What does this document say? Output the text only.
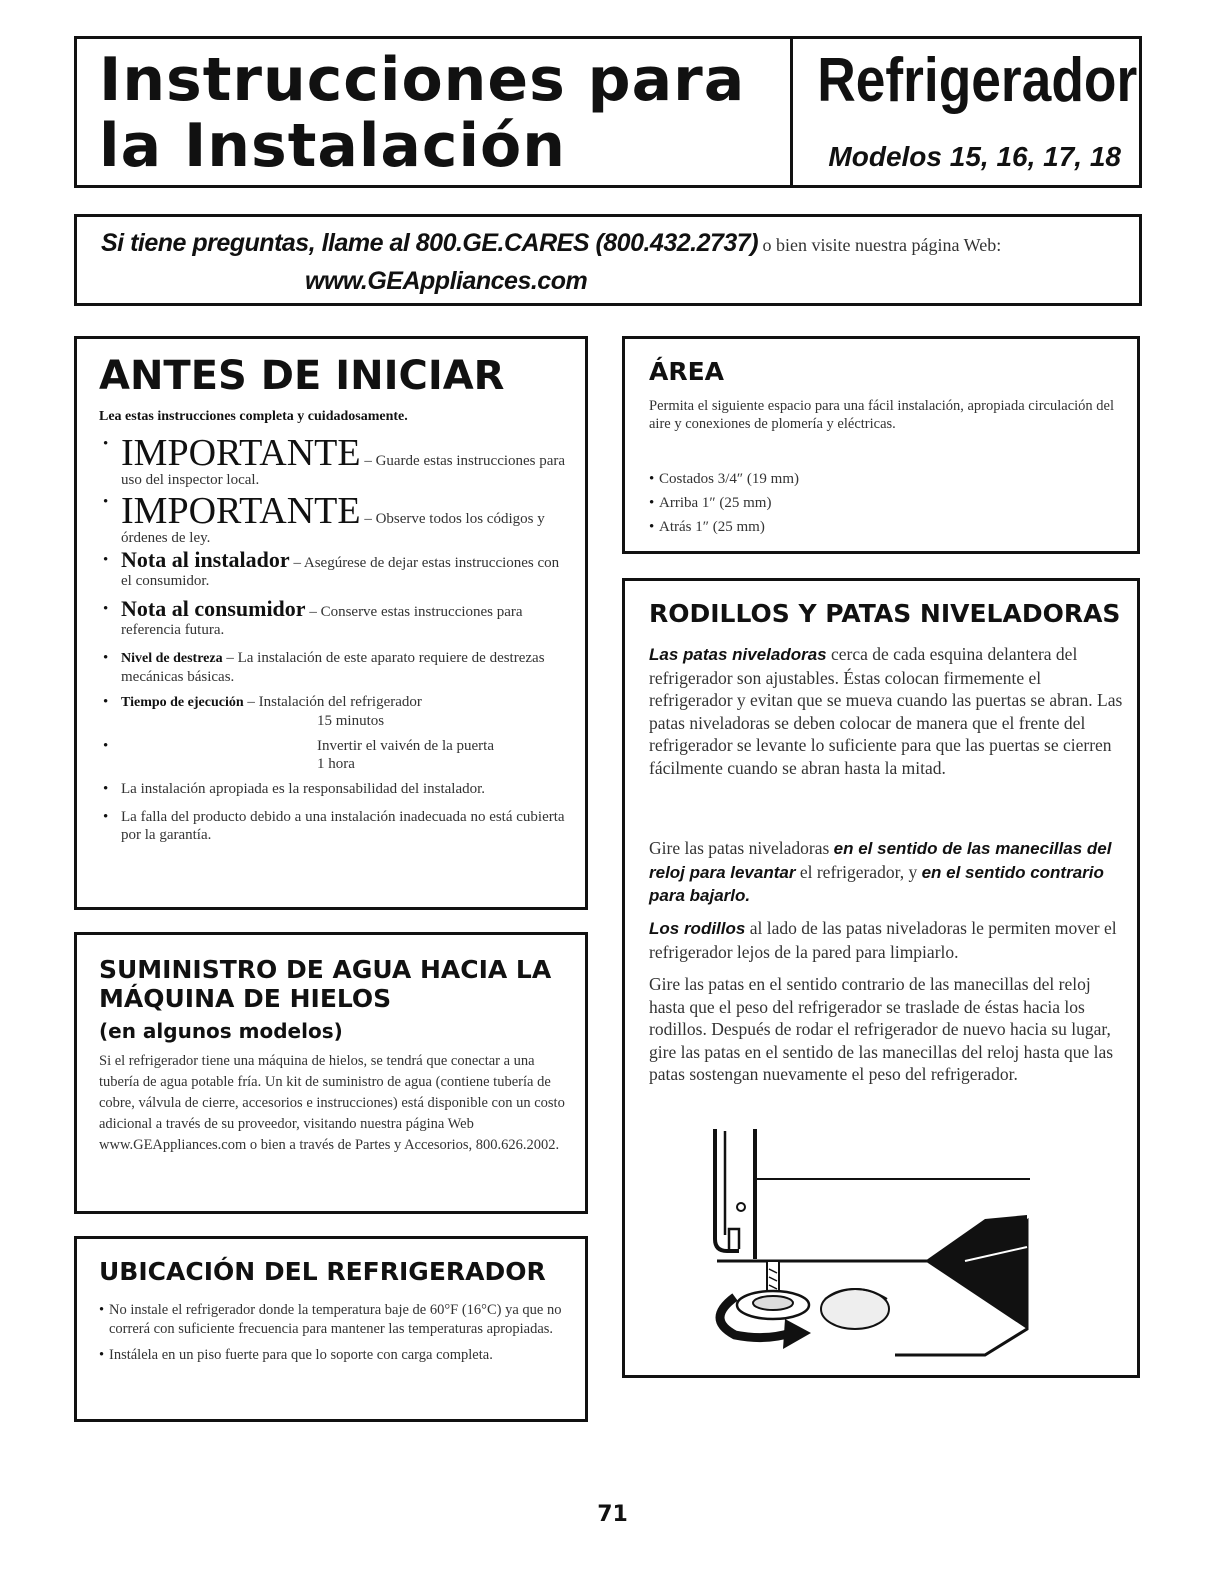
Instrucciones para
la Instalación
Refrigerador
Modelos 15, 16, 17, 18
Si tiene preguntas, llame al 800.GE.CARES (800.432.2737) o bien visite nuestra página Web:
www.GEAppliances.com
ANTES DE INICIAR
Lea estas instrucciones completa y cuidadosamente.
• IMPORTANTE – Guarde estas instrucciones para uso del inspector local.
• IMPORTANTE – Observe todos los códigos y órdenes de ley.
• Nota al instalador – Asegúrese de dejar estas instrucciones con el consumidor.
• Nota al consumidor – Conserve estas instrucciones para referencia futura.
• Nivel de destreza – La instalación de este aparato requiere de destrezas mecánicas básicas.
• Tiempo de ejecución – Instalación del refrigerador
15 minutos
• Invertir el vaivén de la puerta
1 hora
• La instalación apropiada es la responsabilidad del instalador.
• La falla del producto debido a una instalación inadecuada no está cubierta por la garantía.
SUMINISTRO DE AGUA HACIA LA MÁQUINA DE HIELOS
(en algunos modelos)

Si el refrigerador tiene una máquina de hielos, se tendrá que conectar a una tubería de agua potable fría. Un kit de suministro de agua (contiene tubería de cobre, válvula de cierre, accesorios e instrucciones) está disponible con un costo adicional a través de su proveedor, visitando nuestra página Web www.GEAppliances.com o bien a través de Partes y Accesorios, 800.626.2002.

UBICACIÓN DEL REFRIGERADOR
• No instale el refrigerador donde la temperatura baje de 60°F (16°C) ya que no correrá con suficiente frecuencia para mantener las temperaturas apropiadas.
• Instálela en un piso fuerte para que lo soporte con carga completa.
ÁREA

Permita el siguiente espacio para una fácil instalación, apropiada circulación del aire y conexiones de plomería y eléctricas.

• Costados 3/4″ (19 mm)
• Arriba 1″ (25 mm)
• Atrás 1″ (25 mm)
RODILLOS Y PATAS NIVELADORAS

Las patas niveladoras cerca de cada esquina delantera del refrigerador son ajustables. Éstas colocan firmemente el refrigerador y evitan que se mueva cuando las puertas se abran. Las patas niveladoras se deben colocar de manera que el frente del refrigerador se levante lo suficiente para que las puertas se cierren fácilmente cuando se abran hasta la mitad.

Gire las patas niveladoras en el sentido de las manecillas del reloj para levantar el refrigerador, y en el sentido contrario para bajarlo.

Los rodillos al lado de las patas niveladoras le permiten mover el refrigerador lejos de la pared para limpiarlo.

Gire las patas en el sentido contrario de las manecillas del reloj hasta que el peso del refrigerador se traslade de éstas hacia los rodillos. Después de rodar el refrigerador de nuevo hacia su lugar, gire las patas en el sentido de las manecillas del reloj hasta que las patas sostengan nuevamente el peso del refrigerador.

71
